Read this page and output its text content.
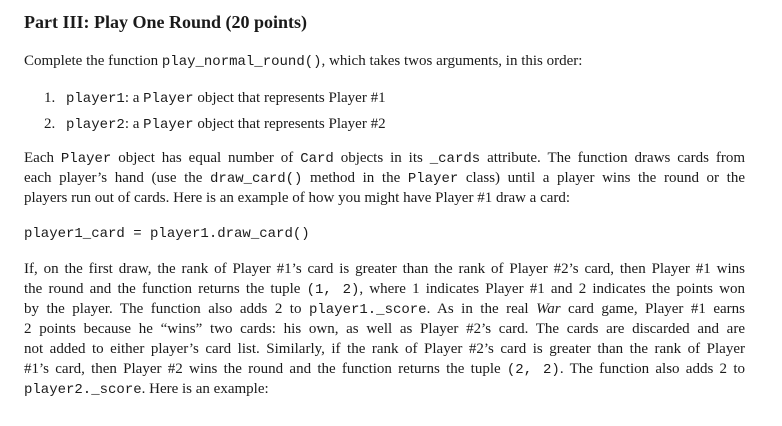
Part III: Play One Round (20 points)
Complete the function play_normal_round(), which takes twos arguments, in this order:
1. player1: a Player object that represents Player #1
2. player2: a Player object that represents Player #2
Each Player object has equal number of Card objects in its _cards attribute. The function draws cards from
each player’s hand (use the draw_card() method in the Player class) until a player wins the round or the
players run out of cards. Here is an example of how you might have Player #1 draw a card:
player1_card = player1.draw_card()
If, on the first draw, the rank of Player #1’s card is greater than the rank of Player #2’s card, then Player #1 wins
the round and the function returns the tuple (1, 2), where 1 indicates Player #1 and 2 indicates the points won
by the player. The function also adds 2 to player1._score. As in the real War card game, Player #1 earns
2 points because he “wins” two cards: his own, as well as Player #2’s card. The cards are discarded and are
not added to either player’s card list. Similarly, if the rank of Player #2’s card is greater than the rank of Player
#1’s card, then Player #2 wins the round and the function returns the tuple (2, 2). The function also adds 2 to
player2._score. Here is an example:
